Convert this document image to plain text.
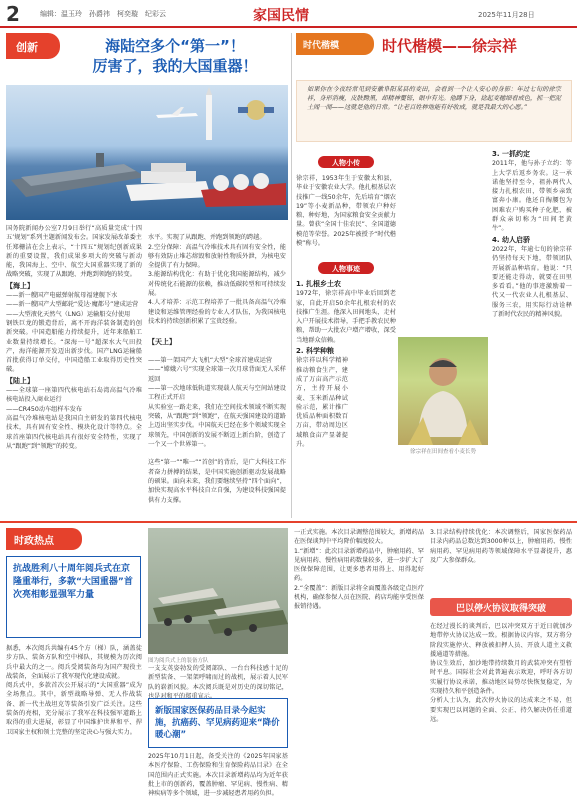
2	编辑：温玉玲　孙爵祎　柯奕璇　纪彩云	家国民情	2025年11月28日
创新	海陆空多个“第一”！
厉害了，我的大国重器！
国务院新闻办公室7月9日举行“高质量完成‘十四五’规划”系列主题新闻发布会。国家发展改革委主任郑栅洁在会上表示，“十四五”规划纪创新成果新的重要设置，我们成果多项大的突破与新动能，我国海上、空中、航空大国重器实现了新的战略突破，实现了从跟跑、并跑到领跑的转变。
【海上】
——新一艘国产电磁弹射航母福建舰下水
——新一艘国产大型邮轮“爱达·魔都号”建成运营
——大型液化天然气（LNG）运输船交付使用
钢铁巨龙的锻造背后，离不开海洋装备制造的创新突破。中国造船能力持续提升，近年来船舶工业数量持续增长。“深海一号”超深水大气田投产，海洋能源开发迈出新步伐。国产LNG运输船首批获得订单交付，中国造船工业取得历史性突破。
【陆上】
——全球第一座第四代核电站石岛湾高温气冷堆核电站投入商业运行
——CR450动车组样车发布
高温气冷堆核电站是我国自主研发的第四代核电技术，具有固有安全性、模块化设计等特点。全球首座第四代核电站具有很好安全特性，实现了从“跟跑”到“领跑”的转变。

水平。实现了从跟跑、并跑到领跑的跨越。
2.空分保障：高温气冷堆技术具有固有安全性，能够有效防止堆芯熔毁和放射性物质外泄，为核电安全提供了有力保障。
3.能源结构优化：有助于优化我国能源结构，减少对传统化石能源的依赖，推动低碳转型和可持续发展。
4.人才培养：示范工程培养了一批具备高温气冷堆建设和运维管理经验的专业人才队伍，为我国核电技术的持续创新积累了宝贵经验。

【天上】

——第一架国产大飞机“大型”全球首建成运营
——“嫦娥六号”实现全球第一次月球背面无人采样返回
——第一次地球低轨道实现载人航天与空间站建设工程正式开启
从实验室一路走来，我们在空间技术领域不断实现突破，从“跟跑”到“领跑”，在航天强国建设的道路上迈出坚实步伐。中国航天已经在多个领域实现全球领先，中国创新的发展不断迈上新台阶，创造了一个又一个世界第一。

这些“第一”“唯一”“首创”的背后，是广大科技工作者奋力拼搏的结果，是中国实施创新驱动发展战略的硕果。面向未来，我们要继续坚持“四个面向”，加快实现高水平科技自立自强，为建设科技强国提供有力支撑。

时代楷模	时代楷模——徐宗祥
如果你在今夜经常见到安徽阜阳某县的麦田，会看到一个让人安心的身影：年过七旬的徐宗祥，身形消瘦，皮肤黝黑，却精神矍铄，眼中有光。他蹲下身，捻起麦穗细看成色，抓一把泥土闻一闻——这就是他的日常。“让老百姓种地能有好收成，就是我最大的心愿。”
人物小传
徐宗祥，1953年生于安徽太和县，毕业于安徽农业大学。他扎根基层农技推广一线50余年，先后培育“烟农19”等小麦新品种，带领农户种好粮、种好地，为国家粮食安全贡献力量。曾获“全国十佳农民”、全国道德模范等荣誉。2025年被授予“时代楷模”称号。
人物事迹
1. 扎根乡土农
1972年，徐宗祥高中毕业后回到老家，自此开启50余年扎根农村的农技推广生涯。他深入田间地头，走村入户开展技术指导，手把手教农民种粮，帮助一大批农户增产增收，深受当地群众信赖。
2. 科学种粮
徐宗祥以科学精神推动粮食生产，建成了万亩高产示范方，主持开展小麦、玉米新品种试验示范，累计推广优质品种面积数百万亩，带动周边区域粮食亩产显著提升。
徐宗祥在田间查看小麦长势
3. 一抓约定
2011年，他与孙子立约：等上大学后返乡务农。这一承诺他坚持至今，祖孙两代人接力扎根农田，带领乡亲致富奔小康。他还自掏腰包为困难农户购买种子化肥，被群众亲切称为“田间老黄牛”。
4. 幼人启骄
2022年，年逾七旬的徐宗祥仍坚持每天下地，带领团队开展新品种培育。他说：“只要还能走得动，就要在田里多看看。”他的事迹激励着一代又一代农业人扎根基层、服务三农，用实际行动诠释了新时代农民的精神风貌。
时政热点
抗战胜利八十周年阅兵式在京隆重举行，多款“大国重器”首次亮相彰显强军力量
据悉，本次阅兵共编有45个方（梯）队，涵盖徒步方队、装备方队和空中梯队，其规模为历次阅兵中最大的之一。阅兵受阅装备均为国产现役主战装备，全面展示了我军现代化建设成就。
阅兵式中，多款首次公开展示的“大国重器”成为全场焦点。其中，新型战略导弹、无人作战装备、新一代主战坦克等装备引发广泛关注。这些装备的亮相，充分展示了我军在科技强军道路上取得的重大进展，彰显了中国维护世界和平、捍卫国家主权和领土完整的坚定决心与强大实力。
图为阅兵式上的装备方队
一支支英姿勃发的受阅部队、一台台科技感十足的新型装备、一架架呼啸而过的战机，展示着人民军队的崭新风貌。本次阅兵既是对历史的深切铭记，也是对和平的郑重宣示。
新版国家医保药品目录今起实施，抗癌药、罕见病药迎来“降价暖心潮”
2025年10月1日起，备受关注的《2025年国家基本医疗保险、工伤保险和生育保险药品目录》在全国范围内正式实施。本次目录新增药品均为近年获批上市的创新药，覆盖肿瘤、罕见病、慢性病、精神疾病等多个领域，进一步减轻患者用药负担。
一正式实施。本次目录调整范围较大，新增药品在医保谈判中平均降价幅度较大。
1.“新增”：此次目录新增药品中，肿瘤用药、罕见病用药、慢性病用药数量较多，进一步扩大了医保保障范围，让更多患者用得上、用得起好药。
2.“全覆盖”：新版目录将全面覆盖各级定点医疗机构，确保参保人员在医院、药店均能享受医保报销待遇。
3.目录结构持续优化：本次调整后，国家医保药品目录内药品总数达到3000种以上，肿瘤用药、慢性病用药、罕见病用药等领域保障水平显著提升，惠及广大参保群众。
巴以停火协议取得突破
在经过漫长的谈判后，巴以冲突双方于近日就加沙地带停火协议达成一致。根据协议内容，双方将分阶段实施停火、释放被扣押人员、开放人道主义救援通道等措施。
协议生效后，加沙地带持续数月的武装冲突有望暂时平息。国际社会对此普遍表示欢迎，呼吁各方切实履行协议承诺，推动地区局势尽快恢复稳定，为实现持久和平创造条件。
分析人士认为，此次停火协议的达成来之不易，但要实现巴以问题的全面、公正、持久解决仍任重道远。
